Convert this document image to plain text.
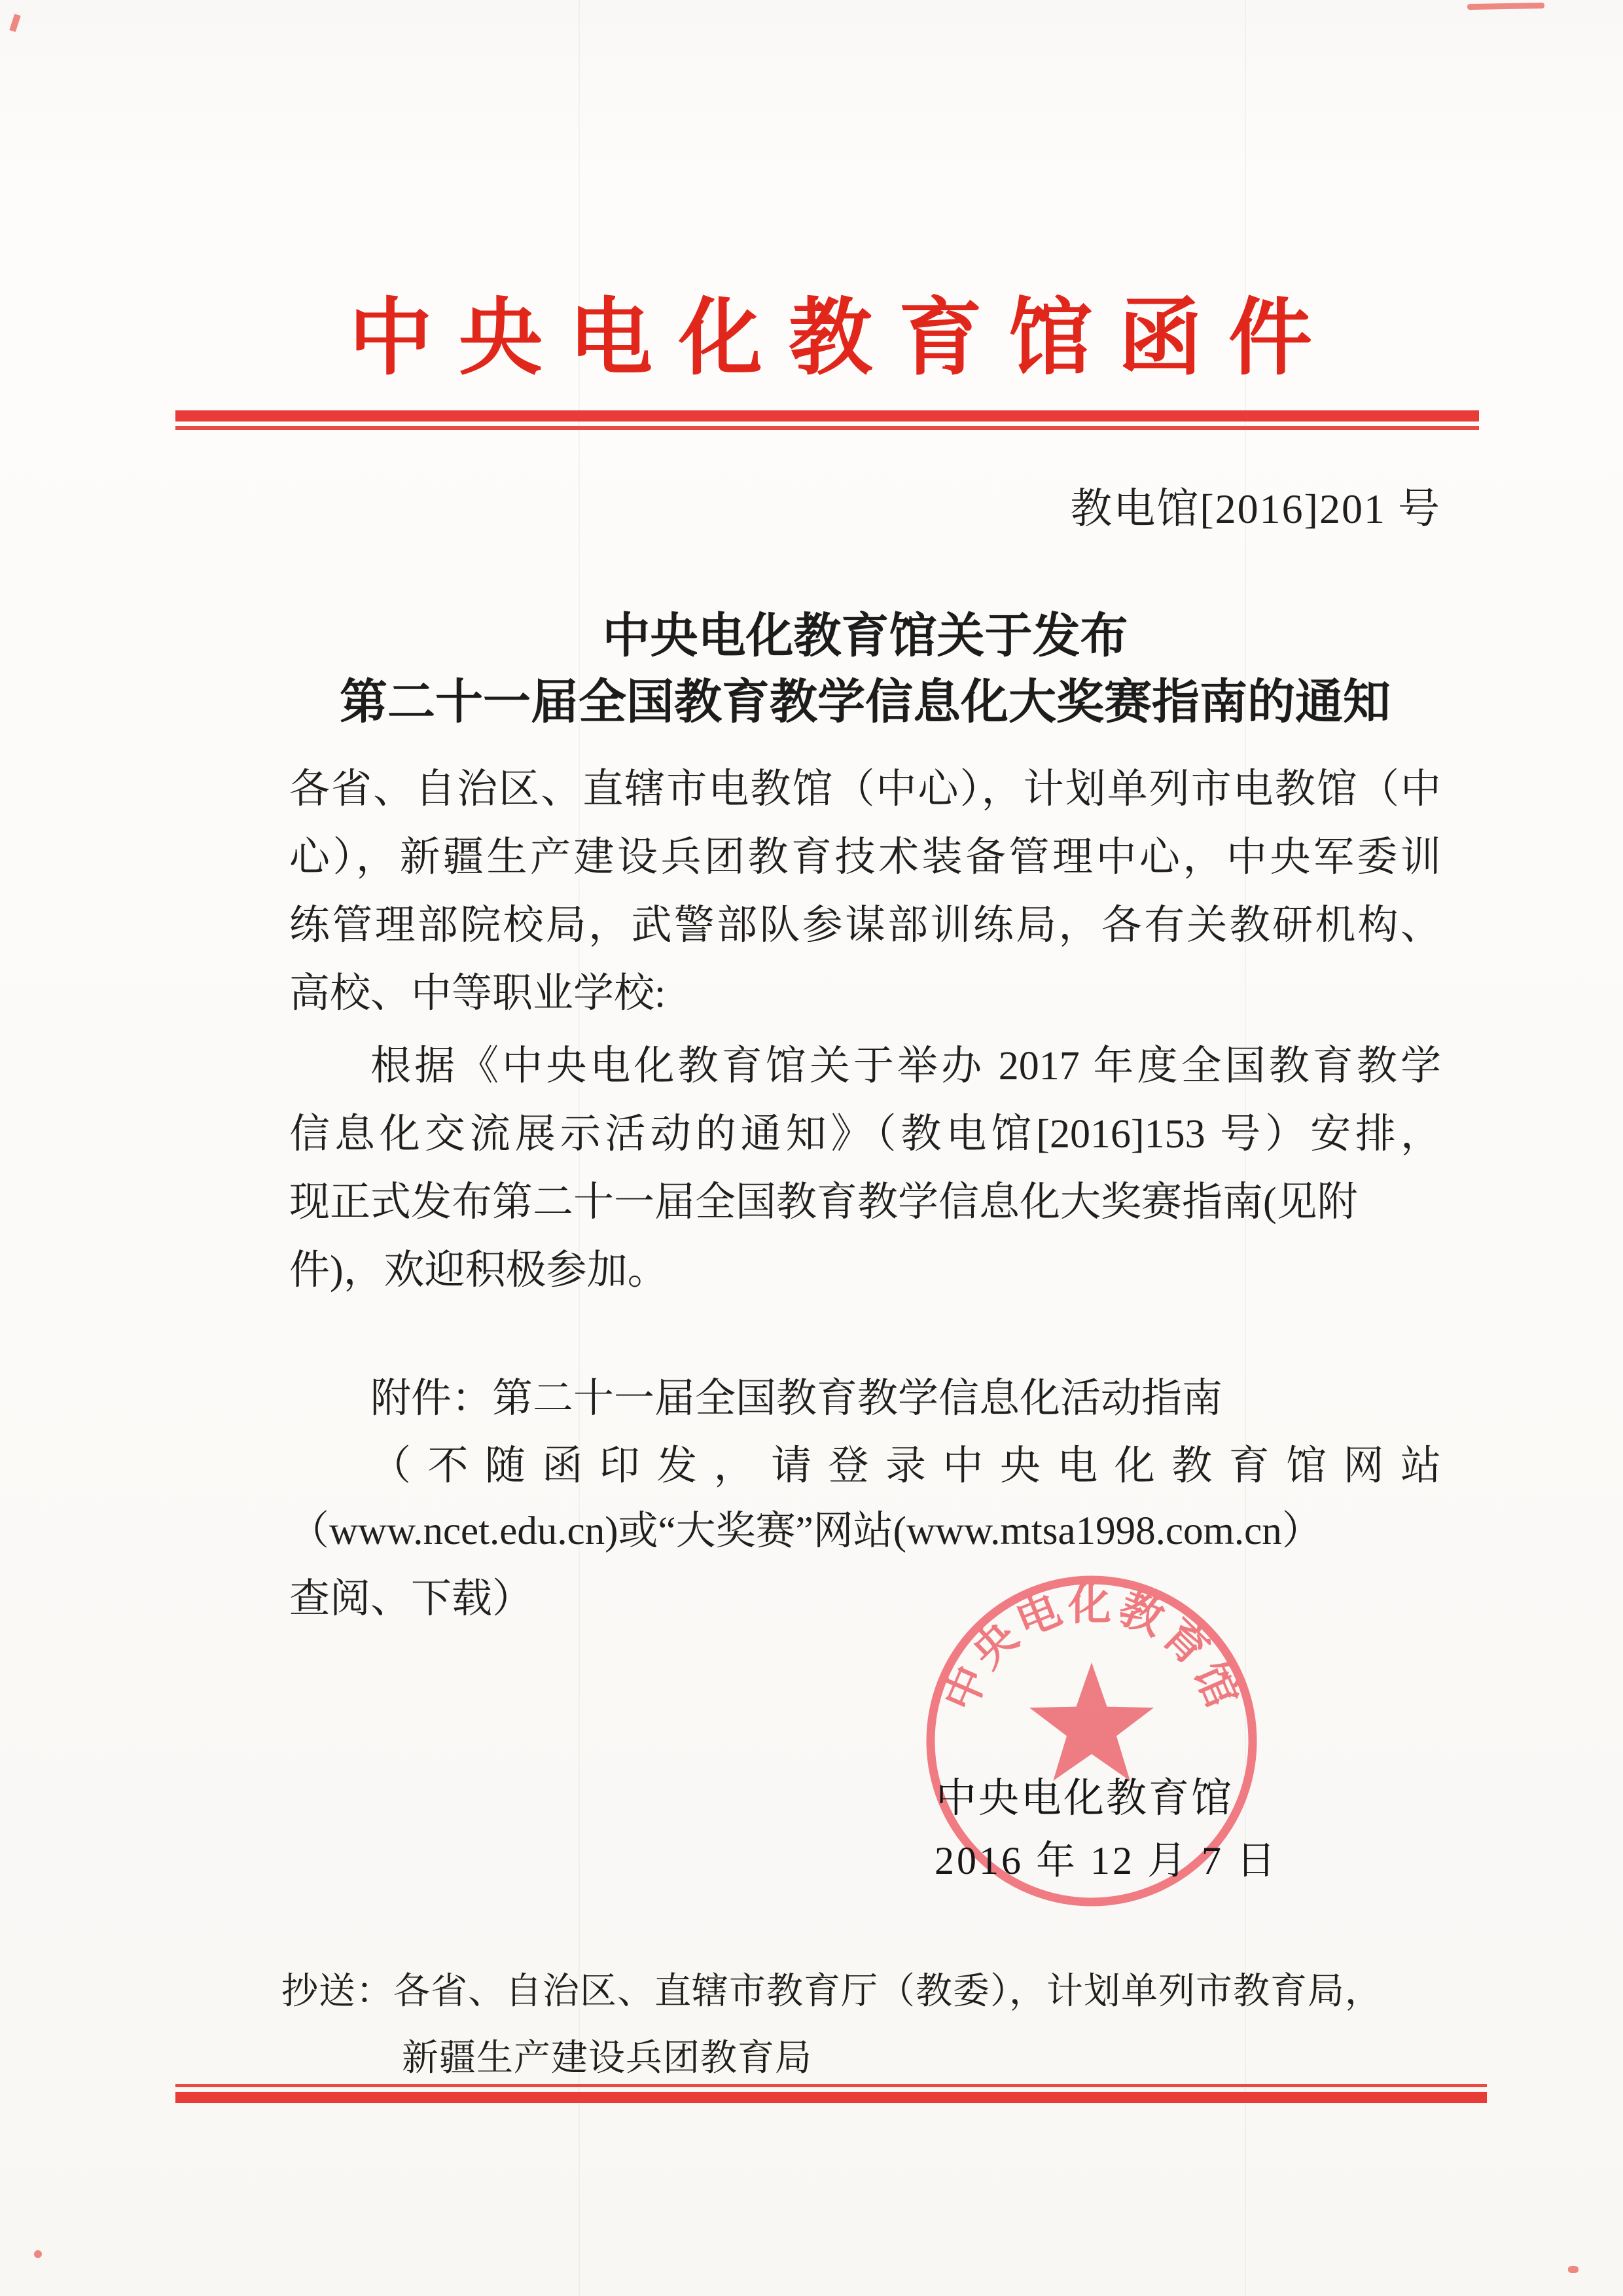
中央电化教育馆函件
教电馆[2016]201 号
中央电化教育馆关于发布
第二十一届全国教育教学信息化大奖赛指南的通知
各省、自治区、直辖市电教馆（中心），计划单列市电教馆（中
心），新疆生产建设兵团教育技术装备管理中心，中央军委训
练管理部院校局，武警部队参谋部训练局，各有关教研机构、
高校、中等职业学校:
根据《中央电化教育馆关于举办 2017 年度全国教育教学
信息化交流展示活动的通知》（教电馆[2016]153 号）安排，
现正式发布第二十一届全国教育教学信息化大奖赛指南(见附
件)，欢迎积极参加。
附件：第二十一届全国教育教学信息化活动指南
（不随函印发，请登录中央电化教育馆网站
（www.ncet.edu.cn)或“大奖赛”网站(www.mtsa1998.com.cn）
查阅、下载）
中央电化教育馆
中央电化教育馆
2016 年 12 月 7 日
抄送：各省、自治区、直辖市教育厅（教委），计划单列市教育局，
新疆生产建设兵团教育局
